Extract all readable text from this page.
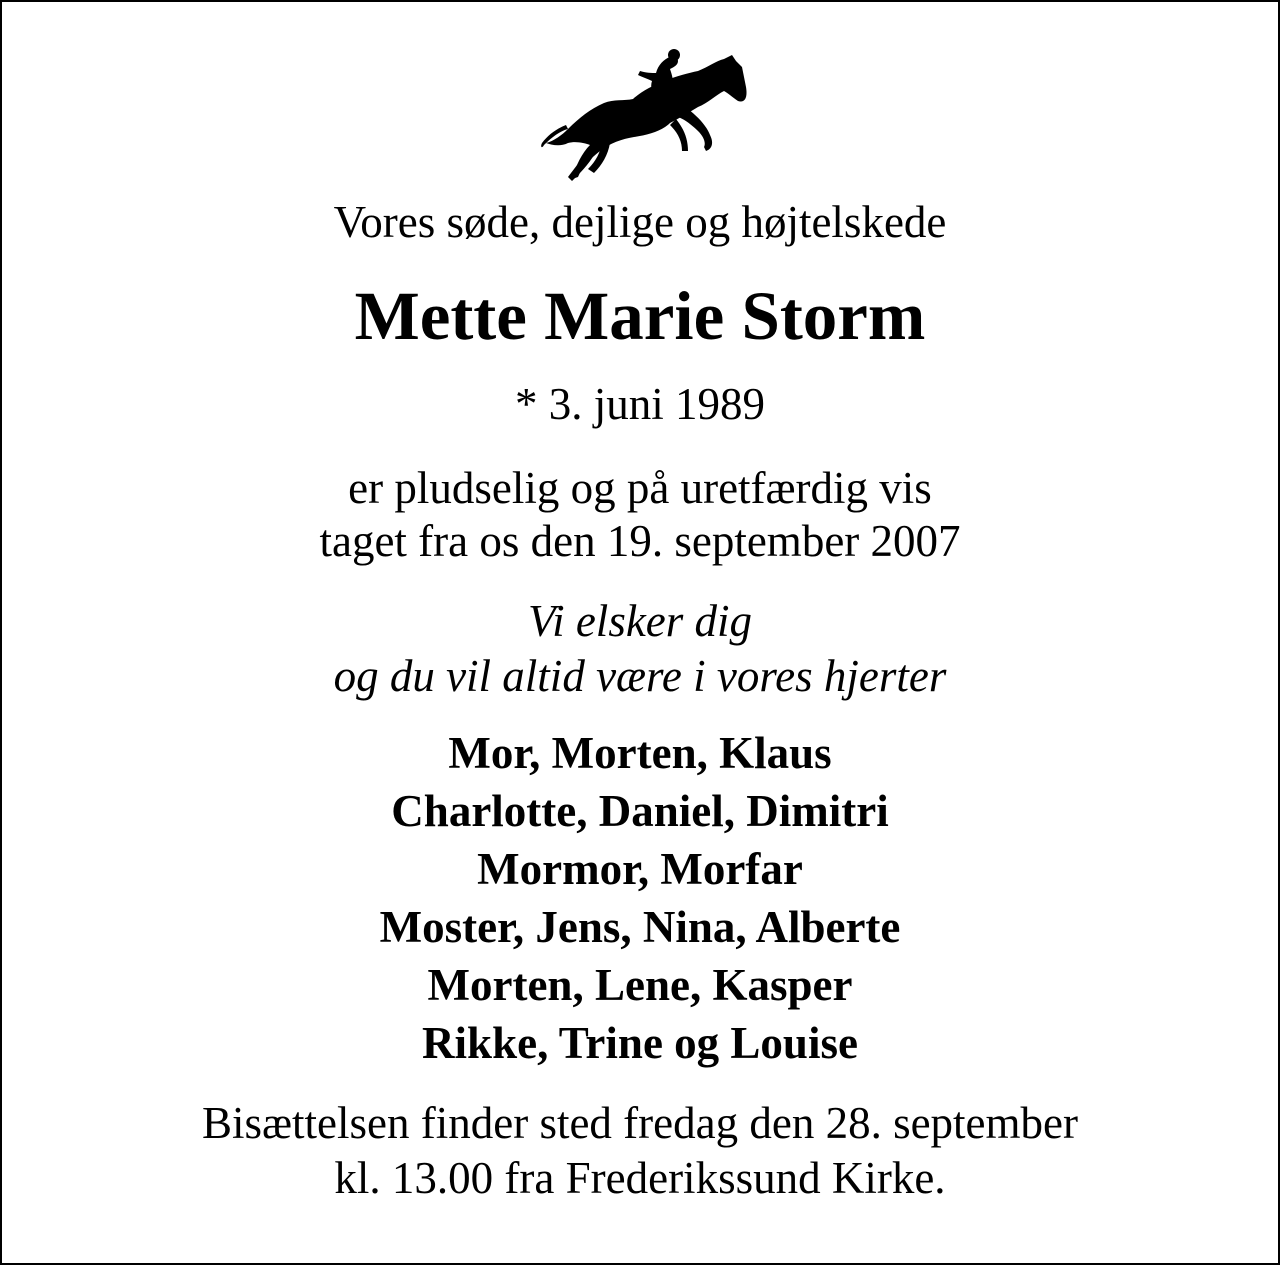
Vores søde, dejlige og højtelskede
Mette Marie Storm
* 3. juni 1989
er pludselig og på uretfærdig vis
taget fra os den 19. september 2007
Vi elsker dig
og du vil altid være i vores hjerter
Mor, Morten, Klaus
Charlotte, Daniel, Dimitri
Mormor, Morfar
Moster, Jens, Nina, Alberte
Morten, Lene, Kasper
Rikke, Trine og Louise
Bisættelsen finder sted fredag den 28. september
kl. 13.00 fra Frederikssund Kirke.
